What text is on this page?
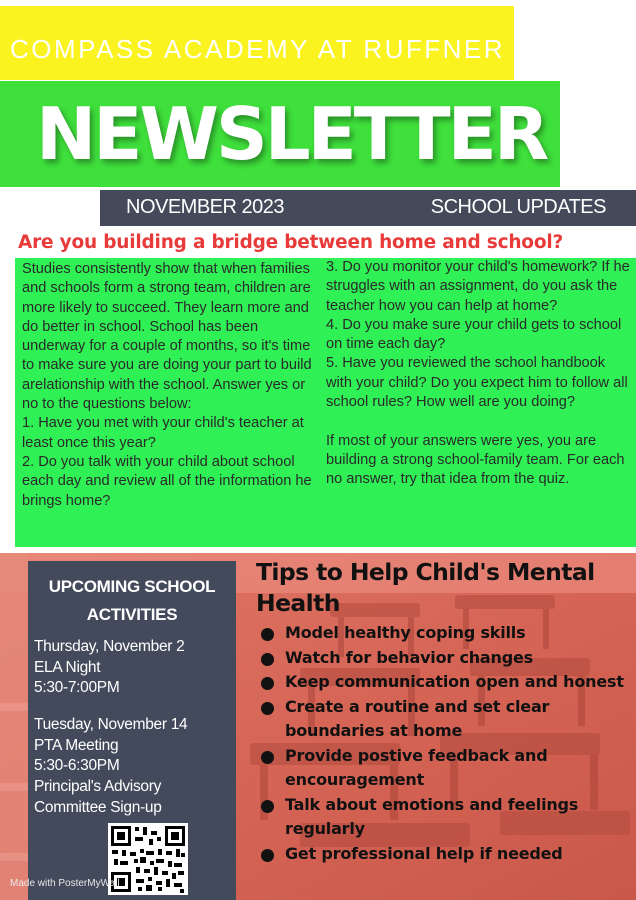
COMPASS ACADEMY AT RUFFNER
NEWSLETTER
NOVEMBER 2023	SCHOOL UPDATES
Are you building a bridge between home and school?

Studies consistently show that when families and schools form a strong team, children are more likely to succeed. They learn more and do better in school. School has been underway for a couple of months, so it's time to make sure you are doing your part to build arelationship with the school. Answer yes or no to the questions below:

1. Have you met with your child's teacher at least once this year?

2. Do you talk with your child about school each day and review all of the information he brings home?

3. Do you monitor your child's homework? If he struggles with an assignment, do you ask the teacher how you can help at home?

4. Do you make sure your child gets to school on time each day?

5. Have you reviewed the school handbook with your child? Do you expect him to follow all school rules? How well are you doing?

If most of your answers were yes, you are building a strong school-family team. For each no answer, try that idea from the quiz.

UPCOMING SCHOOL ACTIVITIES
Thursday, November 2
ELA Night
5:30-7:00PM
Tuesday, November 14
PTA Meeting
5:30-6:30PM
Principal's Advisory Committee Sign-up
Made with PosterMyWall
Tips to Help Child's Mental Health
Model healthy coping skills
Watch for behavior changes
Keep communication open and honest
Create a routine and set clear boundaries at home
Provide postive feedback and encouragement
Talk about emotions and feelings regularly
Get professional help if needed
